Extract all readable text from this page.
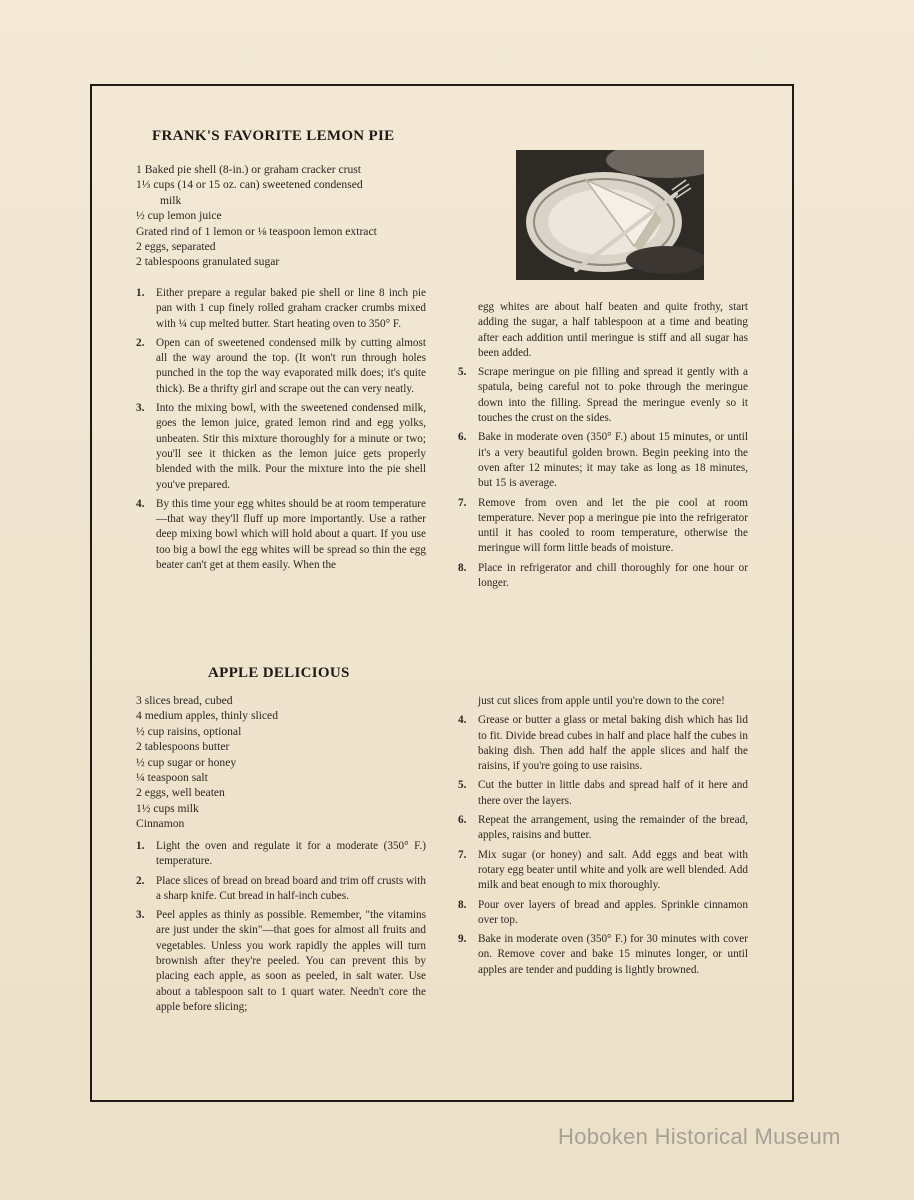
FRANK'S FAVORITE LEMON PIE
1 Baked pie shell (8-in.) or graham cracker crust
1⅓ cups (14 or 15 oz. can) sweetened condensed
milk
½ cup lemon juice
Grated rind of 1 lemon or ⅛ teaspoon lemon extract
2 eggs, separated
2 tablespoons granulated sugar
1. Either prepare a regular baked pie shell or line 8 inch pie pan with 1 cup finely rolled graham cracker crumbs mixed with ¼ cup melted butter. Start heating oven to 350° F.
2. Open can of sweetened condensed milk by cutting almost all the way around the top. (It won't run through holes punched in the top the way evaporated milk does; it's quite thick). Be a thrifty girl and scrape out the can very neatly.
3. Into the mixing bowl, with the sweetened condensed milk, goes the lemon juice, grated lemon rind and egg yolks, unbeaten. Stir this mixture thoroughly for a minute or two; you'll see it thicken as the lemon juice gets properly blended with the milk. Pour the mixture into the pie shell you've prepared.
4. By this time your egg whites should be at room temperature—that way they'll fluff up more importantly. Use a rather deep mixing bowl which will hold about a quart. If you use too big a bowl the egg whites will be spread so thin the egg beater can't get at them easily. When the
egg whites are about half beaten and quite frothy, start adding the sugar, a half tablespoon at a time and beating after each addition until meringue is stiff and all sugar has been added.
5. Scrape meringue on pie filling and spread it gently with a spatula, being careful not to poke through the meringue down into the filling. Spread the meringue evenly so it touches the crust on the sides.
6. Bake in moderate oven (350° F.) about 15 minutes, or until it's a very beautiful golden brown. Begin peeking into the oven after 12 minutes; it may take as long as 18 minutes, but 15 is average.
7. Remove from oven and let the pie cool at room temperature. Never pop a meringue pie into the refrigerator until it has cooled to room temperature, otherwise the meringue will form little beads of moisture.
8. Place in refrigerator and chill thoroughly for one hour or longer.
APPLE DELICIOUS
3 slices bread, cubed
4 medium apples, thinly sliced
½ cup raisins, optional
2 tablespoons butter
½ cup sugar or honey
¼ teaspoon salt
2 eggs, well beaten
1½ cups milk
Cinnamon
1. Light the oven and regulate it for a moderate (350° F.) temperature.
2. Place slices of bread on bread board and trim off crusts with a sharp knife. Cut bread in half-inch cubes.
3. Peel apples as thinly as possible. Remember, "the vitamins are just under the skin"—that goes for almost all fruits and vegetables. Unless you work rapidly the apples will turn brownish after they're peeled. You can prevent this by placing each apple, as soon as peeled, in salt water. Use about a tablespoon salt to 1 quart water. Needn't core the apple before slicing;
just cut slices from apple until you're down to the core!
4. Grease or butter a glass or metal baking dish which has lid to fit. Divide bread cubes in half and place half the cubes in baking dish. Then add half the apple slices and half the raisins, if you're going to use raisins.
5. Cut the butter in little dabs and spread half of it here and there over the layers.
6. Repeat the arrangement, using the remainder of the bread, apples, raisins and butter.
7. Mix sugar (or honey) and salt. Add eggs and beat with rotary egg beater until white and yolk are well blended. Add milk and beat enough to mix thoroughly.
8. Pour over layers of bread and apples. Sprinkle cinnamon over top.
9. Bake in moderate oven (350° F.) for 30 minutes with cover on. Remove cover and bake 15 minutes longer, or until apples are tender and pudding is lightly browned.
Hoboken Historical Museum
